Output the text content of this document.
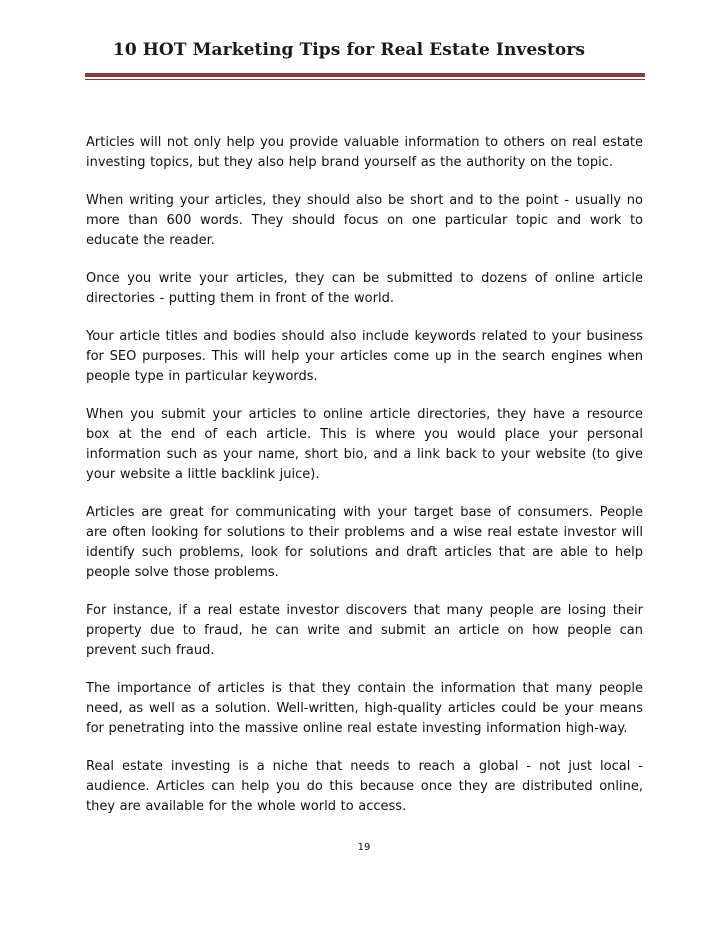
10 HOT Marketing Tips for Real Estate Investors

Articles will not only help you provide valuable information to others on real estate investing topics, but they also help brand yourself as the authority on the topic.

When writing your articles, they should also be short and to the point - usually no more than 600 words. They should focus on one particular topic and work to educate the reader.

Once you write your articles, they can be submitted to dozens of online article directories - putting them in front of the world.

Your article titles and bodies should also include keywords related to your business for SEO purposes. This will help your articles come up in the search engines when people type in particular keywords.

When you submit your articles to online article directories, they have a resource box at the end of each article. This is where you would place your personal information such as your name, short bio, and a link back to your website (to give your website a little backlink juice).

Articles are great for communicating with your target base of consumers. People are often looking for solutions to their problems and a wise real estate investor will identify such problems, look for solutions and draft articles that are able to help people solve those problems.

For instance, if a real estate investor discovers that many people are losing their property due to fraud, he can write and submit an article on how people can prevent such fraud.

The importance of articles is that they contain the information that many people need, as well as a solution. Well-written, high-quality articles could be your means for penetrating into the massive online real estate investing information high-way.

Real estate investing is a niche that needs to reach a global - not just local - audience. Articles can help you do this because once they are distributed online, they are available for the whole world to access.

19
